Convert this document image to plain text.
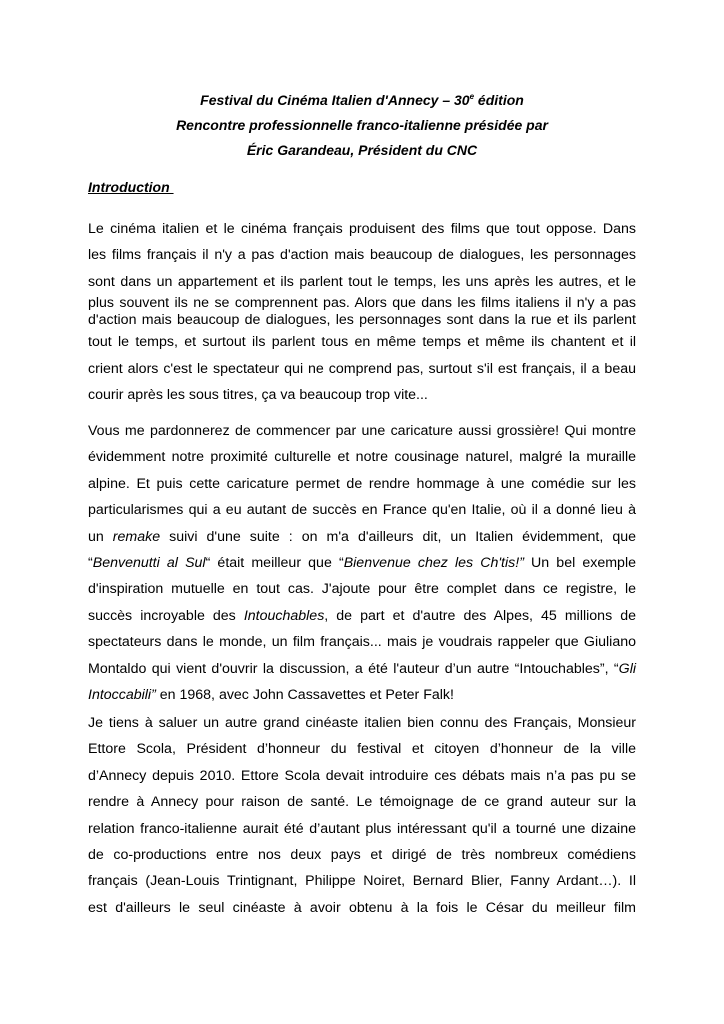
Festival du Cinéma Italien d'Annecy – 30e édition
Rencontre professionnelle franco-italienne présidée par
Éric Garandeau, Président du CNC
Introduction
Le cinéma italien et le cinéma français produisent des films que tout oppose. Dans
les films français il n'y a pas d'action mais beaucoup de dialogues, les personnages
sont dans un appartement et ils parlent tout le temps, les uns après les autres, et le
plus souvent ils ne se comprennent pas. Alors que dans les films italiens il n'y a pas
d'action mais beaucoup de dialogues, les personnages sont dans la rue et ils parlent
tout le temps, et surtout ils parlent tous en même temps et même ils chantent et il
crient alors c'est le spectateur qui ne comprend pas, surtout s'il est français, il a beau
courir après les sous titres, ça va beaucoup trop vite...
Vous me pardonnerez de commencer par une caricature aussi grossière! Qui montre
évidemment notre proximité culturelle et notre cousinage naturel, malgré la muraille
alpine. Et puis cette caricature permet de rendre hommage à une comédie sur les
particularismes qui a eu autant de succès en France qu'en Italie, où il a donné lieu à
un remake suivi d'une suite : on m'a d'ailleurs dit, un Italien évidemment, que
“Benvenutti al Sul“ était meilleur que “Bienvenue chez les Ch'tis!” Un bel exemple
d'inspiration mutuelle en tout cas. J'ajoute pour être complet dans ce registre, le
succès incroyable des Intouchables, de part et d'autre des Alpes, 45 millions de
spectateurs dans le monde, un film français... mais je voudrais rappeler que Giuliano
Montaldo qui vient d'ouvrir la discussion, a été l'auteur d’un autre “Intouchables”, “Gli
Intoccabili” en 1968, avec John Cassavettes et Peter Falk!
Je tiens à saluer un autre grand cinéaste italien bien connu des Français, Monsieur
Ettore Scola, Président d’honneur du festival et citoyen d’honneur de la ville
d’Annecy depuis 2010. Ettore Scola devait introduire ces débats mais n’a pas pu se
rendre à Annecy pour raison de santé. Le témoignage de ce grand auteur sur la
relation franco-italienne aurait été d’autant plus intéressant qu'il a tourné une dizaine
de co-productions entre nos deux pays et dirigé de très nombreux comédiens
français (Jean-Louis Trintignant, Philippe Noiret, Bernard Blier, Fanny Ardant…). Il
est d'ailleurs le seul cinéaste à avoir obtenu à la fois le César du meilleur film
